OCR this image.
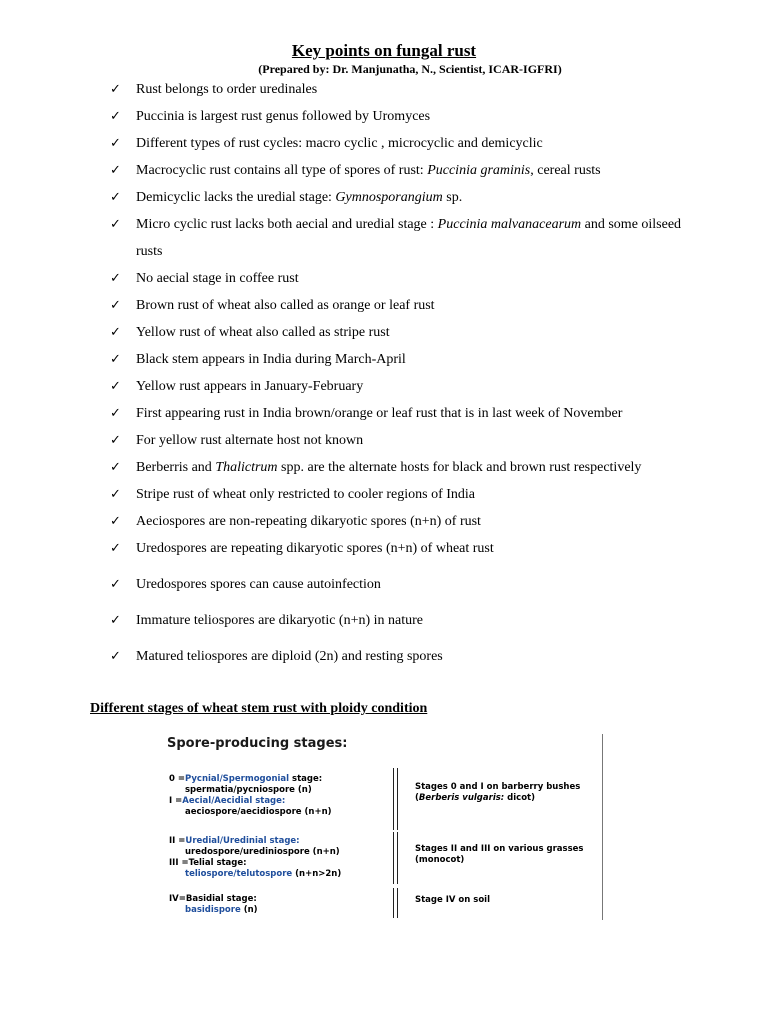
Key points on fungal rust
(Prepared by: Dr. Manjunatha, N., Scientist, ICAR-IGFRI)
✓ Rust belongs to order uredinales
✓ Puccinia is largest rust genus followed by Uromyces
✓ Different types of rust cycles: macro cyclic , microcyclic and demicyclic
✓ Macrocyclic rust contains all type of spores of rust: Puccinia graminis, cereal rusts
✓ Demicyclic lacks the uredial stage: Gymnosporangium sp.
✓ Micro cyclic rust lacks both aecial and uredial stage : Puccinia malvanacearum and some oilseed rusts
✓ No aecial stage in coffee rust
✓ Brown rust of wheat also called as orange or leaf rust
✓ Yellow rust of wheat also called as stripe rust
✓ Black stem appears in India during March-April
✓ Yellow rust appears in January-February
✓ First appearing rust in India brown/orange or leaf rust that is in last week of November
✓ For yellow rust alternate host not known
✓ Berberris and Thalictrum spp. are the alternate hosts for black and brown rust respectively
✓ Stripe rust of wheat only restricted to cooler regions of India
✓ Aeciospores are non-repeating dikaryotic spores (n+n) of rust
✓ Uredospores are repeating dikaryotic spores (n+n) of wheat rust
✓ Uredospores spores can cause autoinfection
✓ Immature teliospores are dikaryotic (n+n) in nature
✓ Matured teliospores are diploid (2n) and resting spores
Different stages of wheat stem rust with ploidy condition
Spore-producing stages:
0 =Pycnial/Spermogonial stage:
spermatia/pycniospore (n)
I =Aecial/Aecidial stage:
aeciospore/aecidiospore (n+n)
II =Uredial/Uredinial stage:
uredospore/urediniospore (n+n)
III =Telial stage:
teliospore/telutospore (n+n>2n)
IV=Basidial stage:
basidispore (n)
Stages 0 and I on barberry bushes
(Berberis vulgaris: dicot)
Stages II and III on various grasses
(monocot)
Stage IV on soil
